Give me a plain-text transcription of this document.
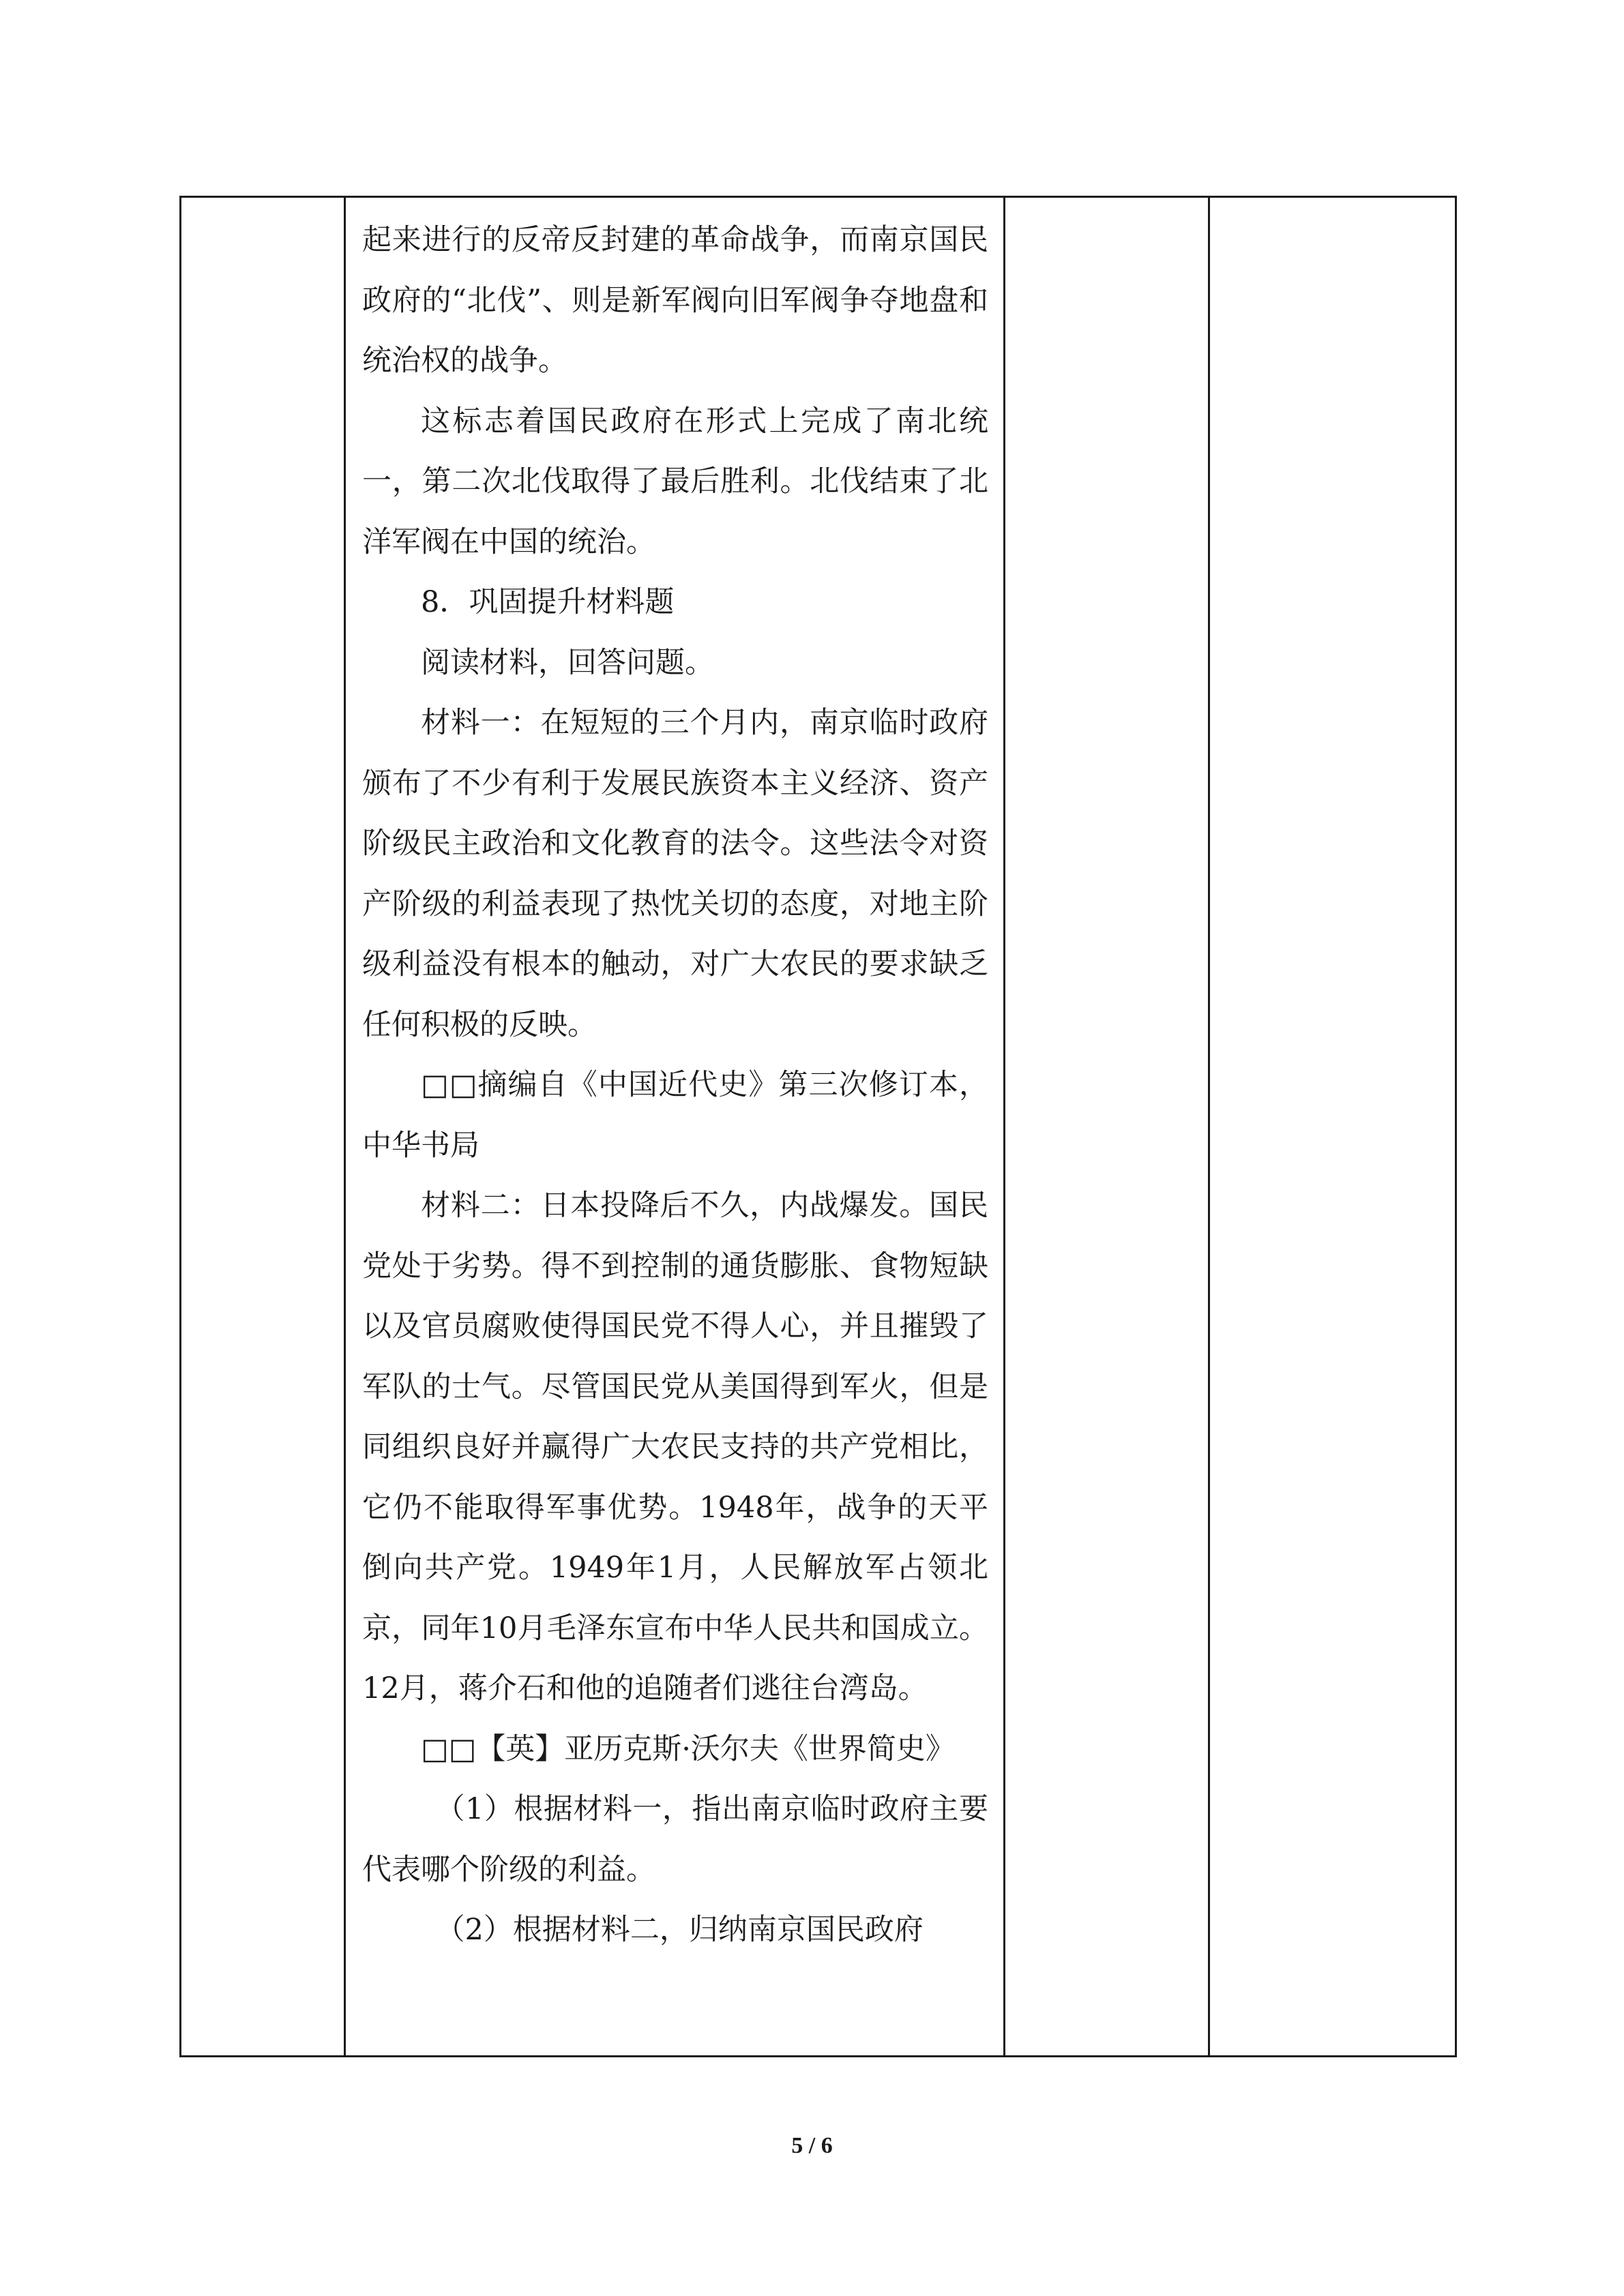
起来进行的反帝反封建的革命战争，而南京国民政府的“北伐”、则是新军阀向旧军阀争夺地盘和统治权的战争。

这标志着国民政府在形式上完成了南北统一，第二次北伐取得了最后胜利。北伐结束了北洋军阀在中国的统治。

8．巩固提升材料题

阅读材料，回答问题。

材料一：在短短的三个月内，南京临时政府颁布了不少有利于发展民族资本主义经济、资产阶级民主政治和文化教育的法令。这些法令对资产阶级的利益表现了热忱关切的态度，对地主阶级利益没有根本的触动，对广大农民的要求缺乏任何积极的反映。

□□摘编自《中国近代史》第三次修订本，中华书局

材料二：日本投降后不久，内战爆发。国民党处于劣势。得不到控制的通货膨胀、食物短缺以及官员腐败使得国民党不得人心，并且摧毁了军队的士气。尽管国民党从美国得到军火，但是同组织良好并赢得广大农民支持的共产党相比，它仍不能取得军事优势。1948年，战争的天平倒向共产党。1949年1月，人民解放军占领北京，同年10月毛泽东宣布中华人民共和国成立。12月，蒋介石和他的追随者们逃往台湾岛。

□□【英】亚历克斯·沃尔夫《世界简史》

（1）根据材料一，指出南京临时政府主要代表哪个阶级的利益。

（2）根据材料二，归纳南京国民政府

5 / 6
